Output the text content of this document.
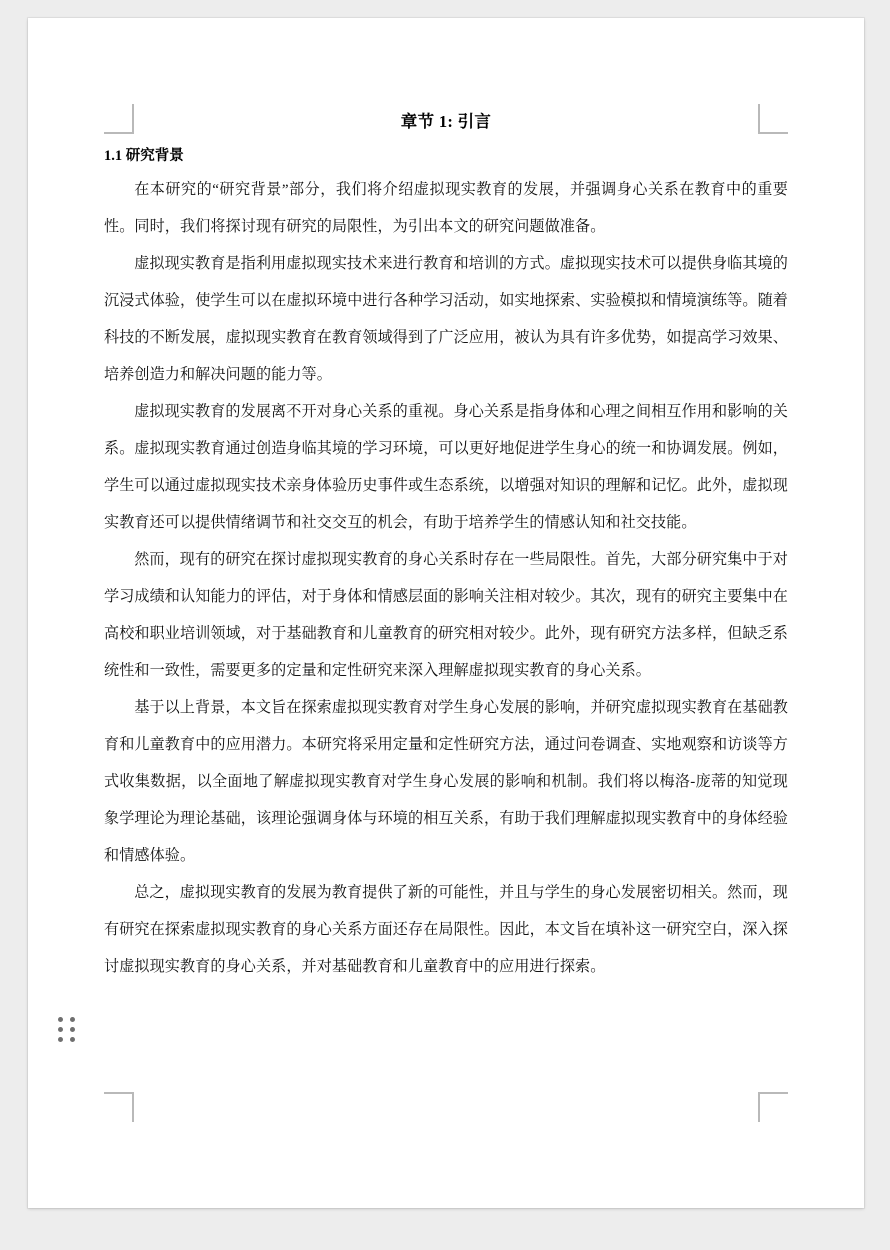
章节 1: 引言
1.1 研究背景

在本研究的“研究背景”部分，我们将介绍虚拟现实教育的发展，并强调身心关系在教育中的重要性。同时，我们将探讨现有研究的局限性，为引出本文的研究问题做准备。

虚拟现实教育是指利用虚拟现实技术来进行教育和培训的方式。虚拟现实技术可以提供身临其境的沉浸式体验，使学生可以在虚拟环境中进行各种学习活动，如实地探索、实验模拟和情境演练等。随着科技的不断发展，虚拟现实教育在教育领域得到了广泛应用，被认为具有许多优势，如提高学习效果、培养创造力和解决问题的能力等。

虚拟现实教育的发展离不开对身心关系的重视。身心关系是指身体和心理之间相互作用和影响的关系。虚拟现实教育通过创造身临其境的学习环境，可以更好地促进学生身心的统一和协调发展。例如，学生可以通过虚拟现实技术亲身体验历史事件或生态系统，以增强对知识的理解和记忆。此外，虚拟现实教育还可以提供情绪调节和社交交互的机会，有助于培养学生的情感认知和社交技能。

然而，现有的研究在探讨虚拟现实教育的身心关系时存在一些局限性。首先，大部分研究集中于对学习成绩和认知能力的评估，对于身体和情感层面的影响关注相对较少。其次，现有的研究主要集中在高校和职业培训领域，对于基础教育和儿童教育的研究相对较少。此外，现有研究方法多样，但缺乏系统性和一致性，需要更多的定量和定性研究来深入理解虚拟现实教育的身心关系。

基于以上背景，本文旨在探索虚拟现实教育对学生身心发展的影响，并研究虚拟现实教育在基础教育和儿童教育中的应用潜力。本研究将采用定量和定性研究方法，通过问卷调查、实地观察和访谈等方式收集数据，以全面地了解虚拟现实教育对学生身心发展的影响和机制。我们将以梅洛-庞蒂的知觉现象学理论为理论基础，该理论强调身体与环境的相互关系，有助于我们理解虚拟现实教育中的身体经验和情感体验。

总之，虚拟现实教育的发展为教育提供了新的可能性，并且与学生的身心发展密切相关。然而，现有研究在探索虚拟现实教育的身心关系方面还存在局限性。因此，本文旨在填补这一研究空白，深入探讨虚拟现实教育的身心关系，并对基础教育和儿童教育中的应用进行探索。
